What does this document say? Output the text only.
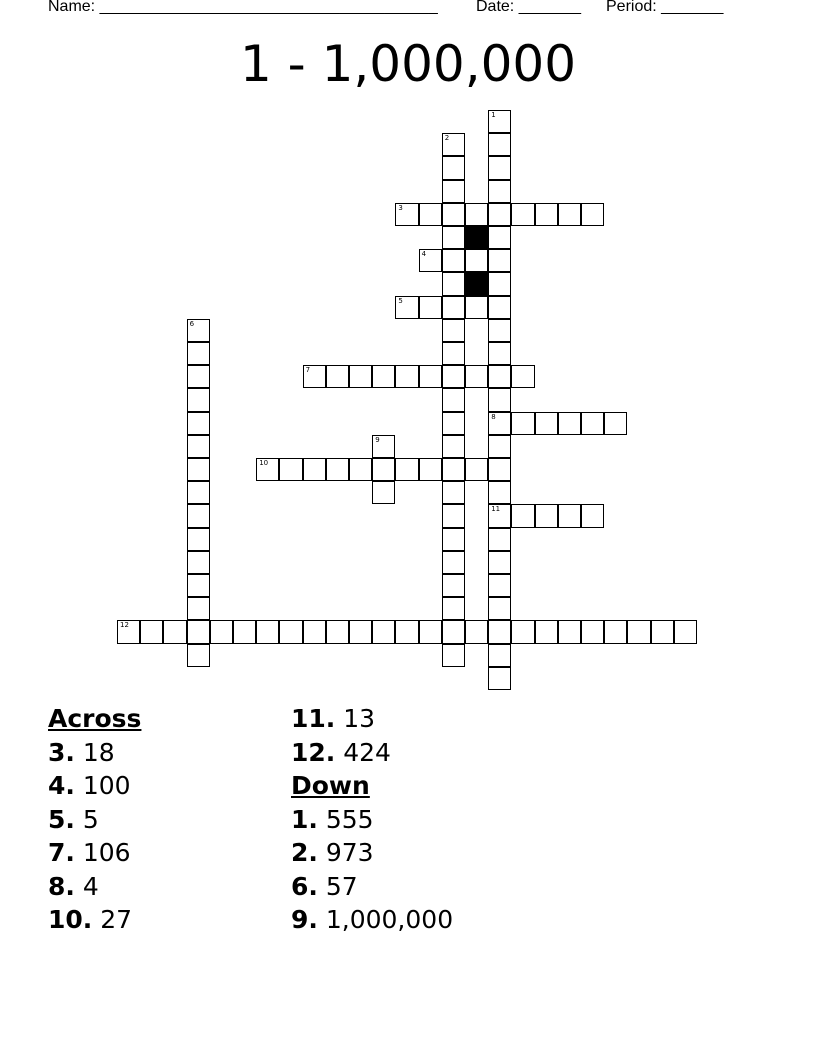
Name: ______________________________________ Date: _______ Period: _______
1 - 1,000,000
3
4
5
7
8
10
11
12
1
2
6
9
Across
3. 18
4. 100
5. 5
7. 106
8. 4
10. 27
11. 13
12. 424
Down
1. 555
2. 973
6. 57
9. 1,000,000
